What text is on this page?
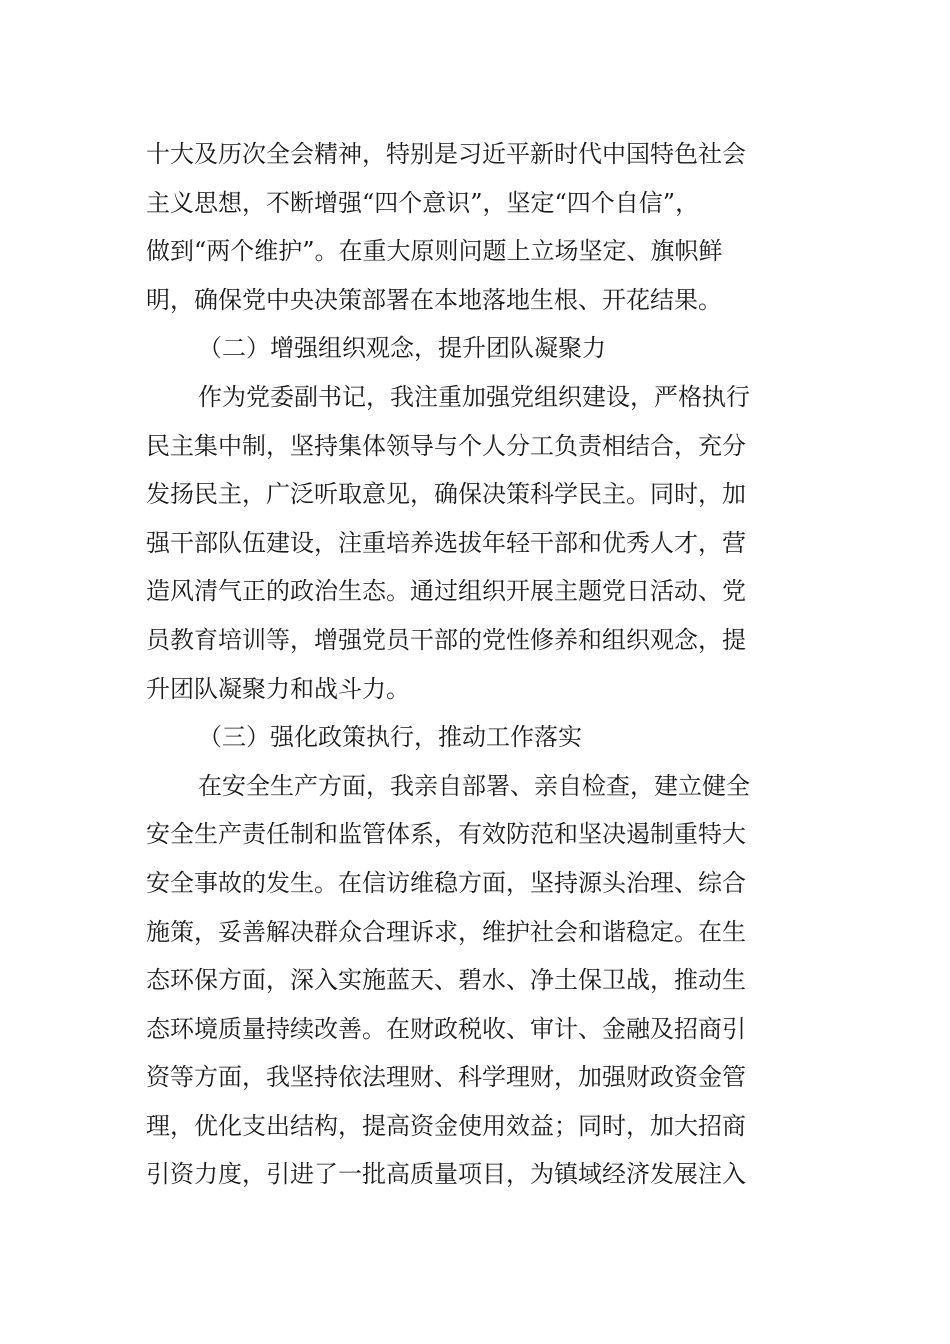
十大及历次全会精神，特别是习近平新时代中国特色社会
主义思想，不断增强“四个意识”，坚定“四个自信”，
做到“两个维护”。在重大原则问题上立场坚定、旗帜鲜
明，确保党中央决策部署在本地落地生根、开花结果。
（二）增强组织观念，提升团队凝聚力
作为党委副书记，我注重加强党组织建设，严格执行
民主集中制，坚持集体领导与个人分工负责相结合，充分
发扬民主，广泛听取意见，确保决策科学民主。同时，加
强干部队伍建设，注重培养选拔年轻干部和优秀人才，营
造风清气正的政治生态。通过组织开展主题党日活动、党
员教育培训等，增强党员干部的党性修养和组织观念，提
升团队凝聚力和战斗力。
（三）强化政策执行，推动工作落实
在安全生产方面，我亲自部署、亲自检查，建立健全
安全生产责任制和监管体系，有效防范和坚决遏制重特大
安全事故的发生。在信访维稳方面，坚持源头治理、综合
施策，妥善解决群众合理诉求，维护社会和谐稳定。在生
态环保方面，深入实施蓝天、碧水、净土保卫战，推动生
态环境质量持续改善。在财政税收、审计、金融及招商引
资等方面，我坚持依法理财、科学理财，加强财政资金管
理，优化支出结构，提高资金使用效益；同时，加大招商
引资力度，引进了一批高质量项目，为镇域经济发展注入
